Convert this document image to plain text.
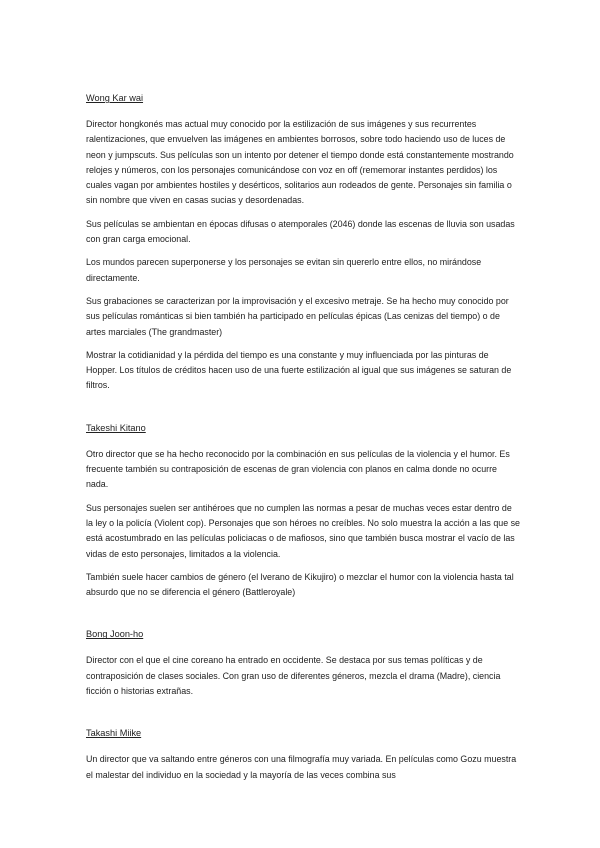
Wong Kar wai

Director hongkonés mas actual muy conocido por la estilización de sus imágenes y sus recurrentes ralentizaciones, que envuelven las imágenes en ambientes borrosos, sobre todo haciendo uso de luces de neon y jumpscuts. Sus películas son un intento por detener el tiempo donde está constantemente mostrando relojes y números, con los personajes comunicándose con voz en off (rememorar instantes perdidos) los cuales vagan por ambientes hostiles y desérticos, solitarios aun rodeados de gente. Personajes sin familia o sin nombre que viven en casas sucias y desordenadas.

Sus películas se ambientan en épocas difusas o atemporales (2046) donde las escenas de lluvia son usadas con gran carga emocional.

Los mundos parecen superponerse y los personajes se evitan sin quererlo entre ellos, no mirándose directamente.

Sus grabaciones se caracterizan por la improvisación y el excesivo metraje. Se ha hecho muy conocido por sus películas románticas si bien también ha participado en películas épicas (Las cenizas del tiempo) o de artes marciales (The grandmaster)

Mostrar la cotidianidad y la pérdida del tiempo es una constante y muy influenciada por las pinturas de Hopper. Los títulos de créditos hacen uso de una fuerte estilización al igual que sus imágenes se saturan de filtros.

Takeshi Kitano

Otro director que se ha hecho reconocido por la combinación en sus películas de la violencia y el humor. Es frecuente también su contraposición de escenas de gran violencia con planos en calma donde no ocurre nada.

Sus personajes suelen ser antihéroes que no cumplen las normas a pesar de muchas veces estar dentro de la ley o la policía (Violent cop). Personajes que son héroes no creíbles. No solo muestra la acción a las que se está acostumbrado en las películas policiacas o de mafiosos, sino que también busca mostrar el vacío de las vidas de esto personajes, limitados a la violencia.

También suele hacer cambios de género (el lverano de Kikujiro) o mezclar el humor con la violencia hasta tal absurdo que no se diferencia el género (Battleroyale)

Bong Joon-ho

Director con el que el cine coreano ha entrado en occidente. Se destaca por sus temas políticas y de contraposición de clases sociales. Con gran uso de diferentes géneros, mezcla el drama (Madre), ciencia ficción o historias extrañas.

Takashi Miike

Un director que va saltando entre géneros con una filmografía muy variada. En películas como Gozu muestra el malestar del individuo en la sociedad y la mayoría de las veces combina sus
